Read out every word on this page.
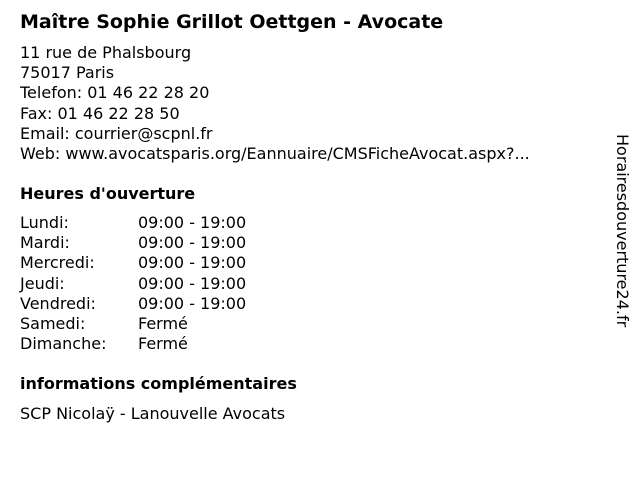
Maître Sophie Grillot Oettgen - Avocate
11 rue de Phalsbourg
75017 Paris
Telefon: 01 46 22 28 20
Fax: 01 46 22 28 50
Email: courrier@scpnl.fr
Web: www.avocatsparis.org/Eannuaire/CMSFicheAvocat.aspx?...
Heures d'ouverture
Lundi:	09:00 - 19:00
Mardi:	09:00 - 19:00
Mercredi:	09:00 - 19:00
Jeudi:	09:00 - 19:00
Vendredi:	09:00 - 19:00
Samedi:	Fermé
Dimanche: Fermé
informations complémentaires
SCP Nicolaÿ - Lanouvelle Avocats
Horairesdouverture24.fr
